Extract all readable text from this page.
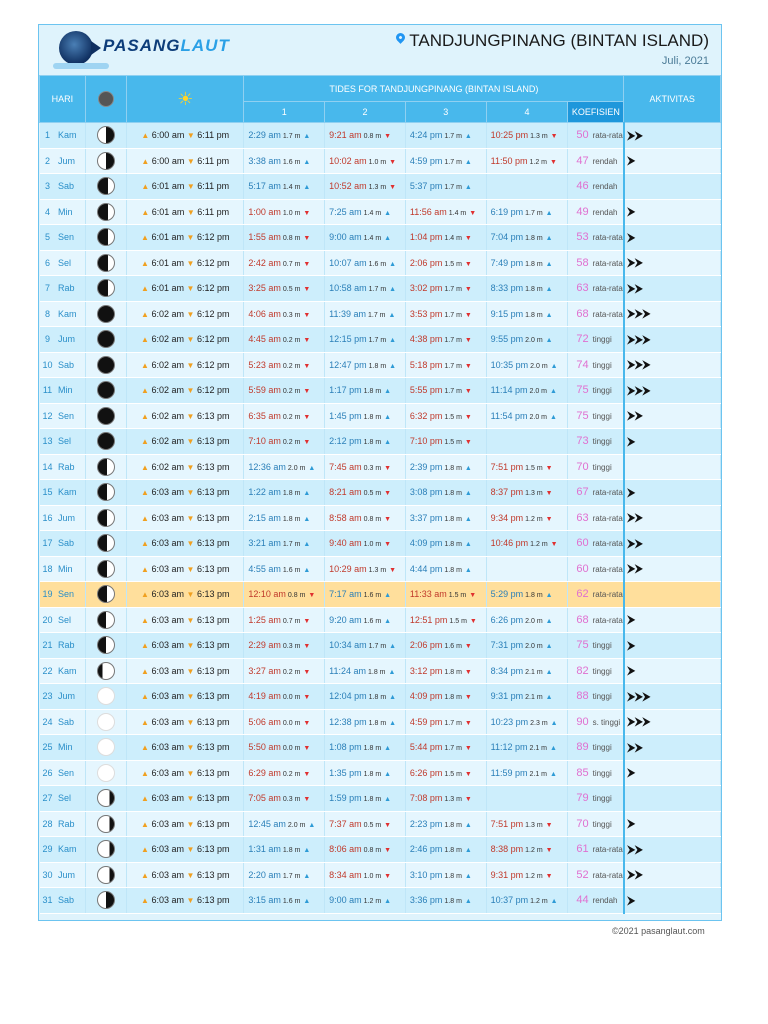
PASANGLAUT	TANDJUNGPINANG (BINTAN ISLAND)
Juli, 2021
HARI		☀	TIDES FOR TANDJUNGPINANG (BINTAN ISLAND)					AKTIVITAS
			1	2	3	4	KOEFISIEN	
1 Kam		▲ 6:00 am ▼ 6:11 pm	2:29 am 1.7 m ▲	9:21 am 0.8 m ▼	4:24 pm 1.7 m ▲	10:25 pm 1.3 m ▼	50 rata-rata	⮞⮞
2 Jum		▲ 6:00 am ▼ 6:11 pm	3:38 am 1.6 m ▲	10:02 am 1.0 m ▼	4:59 pm 1.7 m ▲	11:50 pm 1.2 m ▼	47 rendah	⮞
3 Sab		▲ 6:01 am ▼ 6:11 pm	5:17 am 1.4 m ▲	10:52 am 1.3 m ▼	5:37 pm 1.7 m ▲		46 rendah	
4 Min		▲ 6:01 am ▼ 6:11 pm	1:00 am 1.0 m ▼	7:25 am 1.4 m ▲	11:56 am 1.4 m ▼	6:19 pm 1.7 m ▲	49 rendah	⮞
5 Sen		▲ 6:01 am ▼ 6:12 pm	1:55 am 0.8 m ▼	9:00 am 1.4 m ▲	1:04 pm 1.4 m ▼	7:04 pm 1.8 m ▲	53 rata-rata	⮞
6 Sel		▲ 6:01 am ▼ 6:12 pm	2:42 am 0.7 m ▼	10:07 am 1.6 m ▲	2:06 pm 1.5 m ▼	7:49 pm 1.8 m ▲	58 rata-rata	⮞⮞
7 Rab		▲ 6:01 am ▼ 6:12 pm	3:25 am 0.5 m ▼	10:58 am 1.7 m ▲	3:02 pm 1.7 m ▼	8:33 pm 1.8 m ▲	63 rata-rata	⮞⮞
8 Kam		▲ 6:02 am ▼ 6:12 pm	4:06 am 0.3 m ▼	11:39 am 1.7 m ▲	3:53 pm 1.7 m ▼	9:15 pm 1.8 m ▲	68 rata-rata	⮞⮞⮞
9 Jum		▲ 6:02 am ▼ 6:12 pm	4:45 am 0.2 m ▼	12:15 pm 1.7 m ▲	4:38 pm 1.7 m ▼	9:55 pm 2.0 m ▲	72 tinggi	⮞⮞⮞
10 Sab		▲ 6:02 am ▼ 6:12 pm	5:23 am 0.2 m ▼	12:47 pm 1.8 m ▲	5:18 pm 1.7 m ▼	10:35 pm 2.0 m ▲	74 tinggi	⮞⮞⮞
11 Min		▲ 6:02 am ▼ 6:12 pm	5:59 am 0.2 m ▼	1:17 pm 1.8 m ▲	5:55 pm 1.7 m ▼	11:14 pm 2.0 m ▲	75 tinggi	⮞⮞⮞
12 Sen		▲ 6:02 am ▼ 6:13 pm	6:35 am 0.2 m ▼	1:45 pm 1.8 m ▲	6:32 pm 1.5 m ▼	11:54 pm 2.0 m ▲	75 tinggi	⮞⮞
13 Sel		▲ 6:02 am ▼ 6:13 pm	7:10 am 0.2 m ▼	2:12 pm 1.8 m ▲	7:10 pm 1.5 m ▼		73 tinggi	⮞
14 Rab		▲ 6:02 am ▼ 6:13 pm	12:36 am 2.0 m ▲	7:45 am 0.3 m ▼	2:39 pm 1.8 m ▲	7:51 pm 1.5 m ▼	70 tinggi	
15 Kam		▲ 6:03 am ▼ 6:13 pm	1:22 am 1.8 m ▲	8:21 am 0.5 m ▼	3:08 pm 1.8 m ▲	8:37 pm 1.3 m ▼	67 rata-rata	⮞
16 Jum		▲ 6:03 am ▼ 6:13 pm	2:15 am 1.8 m ▲	8:58 am 0.8 m ▼	3:37 pm 1.8 m ▲	9:34 pm 1.2 m ▼	63 rata-rata	⮞⮞
17 Sab		▲ 6:03 am ▼ 6:13 pm	3:21 am 1.7 m ▲	9:40 am 1.0 m ▼	4:09 pm 1.8 m ▲	10:46 pm 1.2 m ▼	60 rata-rata	⮞⮞
18 Min		▲ 6:03 am ▼ 6:13 pm	4:55 am 1.6 m ▲	10:29 am 1.3 m ▼	4:44 pm 1.8 m ▲		60 rata-rata	⮞⮞
19 Sen		▲ 6:03 am ▼ 6:13 pm	12:10 am 0.8 m ▼	7:17 am 1.6 m ▲	11:33 am 1.5 m ▼	5:29 pm 1.8 m ▲	62 rata-rata	
20 Sel		▲ 6:03 am ▼ 6:13 pm	1:25 am 0.7 m ▼	9:20 am 1.6 m ▲	12:51 pm 1.5 m ▼	6:26 pm 2.0 m ▲	68 rata-rata	⮞
21 Rab		▲ 6:03 am ▼ 6:13 pm	2:29 am 0.3 m ▼	10:34 am 1.7 m ▲	2:06 pm 1.6 m ▼	7:31 pm 2.0 m ▲	75 tinggi	⮞
22 Kam		▲ 6:03 am ▼ 6:13 pm	3:27 am 0.2 m ▼	11:24 am 1.8 m ▲	3:12 pm 1.8 m ▼	8:34 pm 2.1 m ▲	82 tinggi	⮞
23 Jum		▲ 6:03 am ▼ 6:13 pm	4:19 am 0.0 m ▼	12:04 pm 1.8 m ▲	4:09 pm 1.8 m ▼	9:31 pm 2.1 m ▲	88 tinggi	⮞⮞⮞
24 Sab		▲ 6:03 am ▼ 6:13 pm	5:06 am 0.0 m ▼	12:38 pm 1.8 m ▲	4:59 pm 1.7 m ▼	10:23 pm 2.3 m ▲	90 s. tinggi	⮞⮞⮞
25 Min		▲ 6:03 am ▼ 6:13 pm	5:50 am 0.0 m ▼	1:08 pm 1.8 m ▲	5:44 pm 1.7 m ▼	11:12 pm 2.1 m ▲	89 tinggi	⮞⮞
26 Sen		▲ 6:03 am ▼ 6:13 pm	6:29 am 0.2 m ▼	1:35 pm 1.8 m ▲	6:26 pm 1.5 m ▼	11:59 pm 2.1 m ▲	85 tinggi	⮞
27 Sel		▲ 6:03 am ▼ 6:13 pm	7:05 am 0.3 m ▼	1:59 pm 1.8 m ▲	7:08 pm 1.3 m ▼		79 tinggi	
28 Rab		▲ 6:03 am ▼ 6:13 pm	12:45 am 2.0 m ▲	7:37 am 0.5 m ▼	2:23 pm 1.8 m ▲	7:51 pm 1.3 m ▼	70 tinggi	⮞
29 Kam		▲ 6:03 am ▼ 6:13 pm	1:31 am 1.8 m ▲	8:06 am 0.8 m ▼	2:46 pm 1.8 m ▲	8:38 pm 1.2 m ▼	61 rata-rata	⮞⮞
30 Jum		▲ 6:03 am ▼ 6:13 pm	2:20 am 1.7 m ▲	8:34 am 1.0 m ▼	3:10 pm 1.8 m ▲	9:31 pm 1.2 m ▼	52 rata-rata	⮞⮞
31 Sab		▲ 6:03 am ▼ 6:13 pm	3:15 am 1.6 m ▲	9:00 am 1.2 m ▲	3:36 pm 1.8 m ▲	10:37 pm 1.2 m ▲	44 rendah	⮞
©2021 pasanglaut.com
